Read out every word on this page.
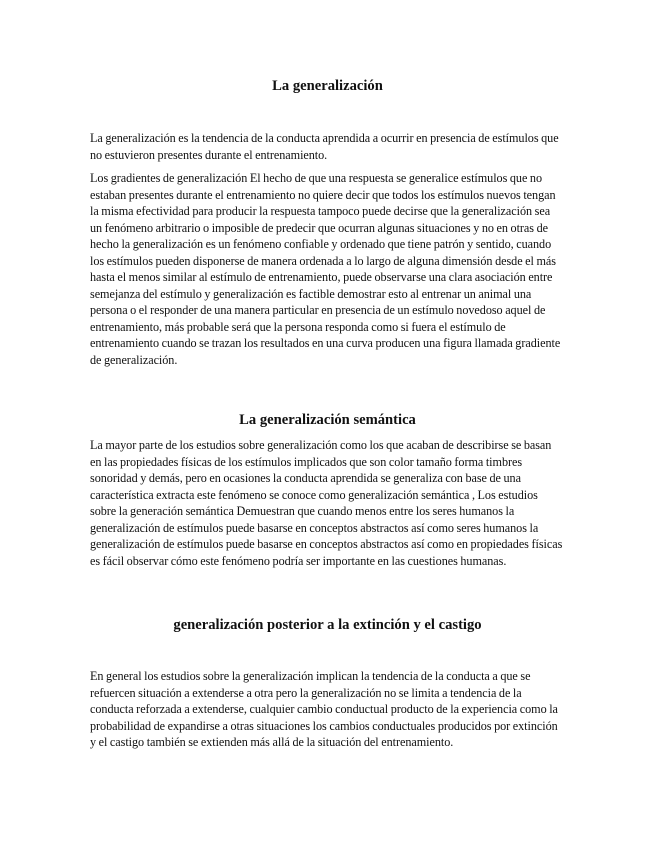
La generalización

La generalización es la tendencia de la conducta aprendida a ocurrir en presencia de estímulos que no estuvieron presentes durante el entrenamiento.

Los gradientes de generalización El hecho de que una respuesta se generalice estímulos que no estaban presentes durante el entrenamiento no quiere decir que todos los estímulos nuevos tengan la misma efectividad para producir la respuesta tampoco puede decirse que la generalización sea un fenómeno arbitrario o imposible de predecir que ocurran algunas situaciones y no en otras de hecho la generalización es un fenómeno confiable y ordenado que tiene patrón y sentido, cuando los estímulos pueden disponerse de manera ordenada a lo largo de alguna dimensión desde el más hasta el menos similar al estímulo de entrenamiento, puede observarse una clara asociación entre semejanza del estímulo y generalización es factible demostrar esto al entrenar un animal una persona o el responder de una manera particular en presencia de un estímulo novedoso aquel de entrenamiento, más probable será que la persona responda como si fuera el estímulo de entrenamiento cuando se trazan los resultados en una curva producen una figura llamada gradiente de generalización.

La generalización semántica

La mayor parte de los estudios sobre generalización como los que acaban de describirse se basan en las propiedades físicas de los estímulos implicados que son color tamaño forma timbres sonoridad y demás, pero en ocasiones la conducta aprendida se generaliza con base de una característica extracta este fenómeno se conoce como generalización semántica , Los estudios sobre la generación semántica Demuestran que cuando menos entre los seres humanos la generalización de estímulos puede basarse en conceptos abstractos así como seres humanos la generalización de estímulos puede basarse en conceptos abstractos así como en propiedades físicas es fácil observar cómo este fenómeno podría ser importante en las cuestiones humanas.

generalización posterior a la extinción y el castigo

En general los estudios sobre la generalización implican la tendencia de la conducta a que se refuercen situación a extenderse a otra pero la generalización no se limita a tendencia de la conducta reforzada a extenderse, cualquier cambio conductual producto de la experiencia como la probabilidad de expandirse a otras situaciones los cambios conductuales producidos por extinción y el castigo también se extienden más allá de la situación del entrenamiento.
